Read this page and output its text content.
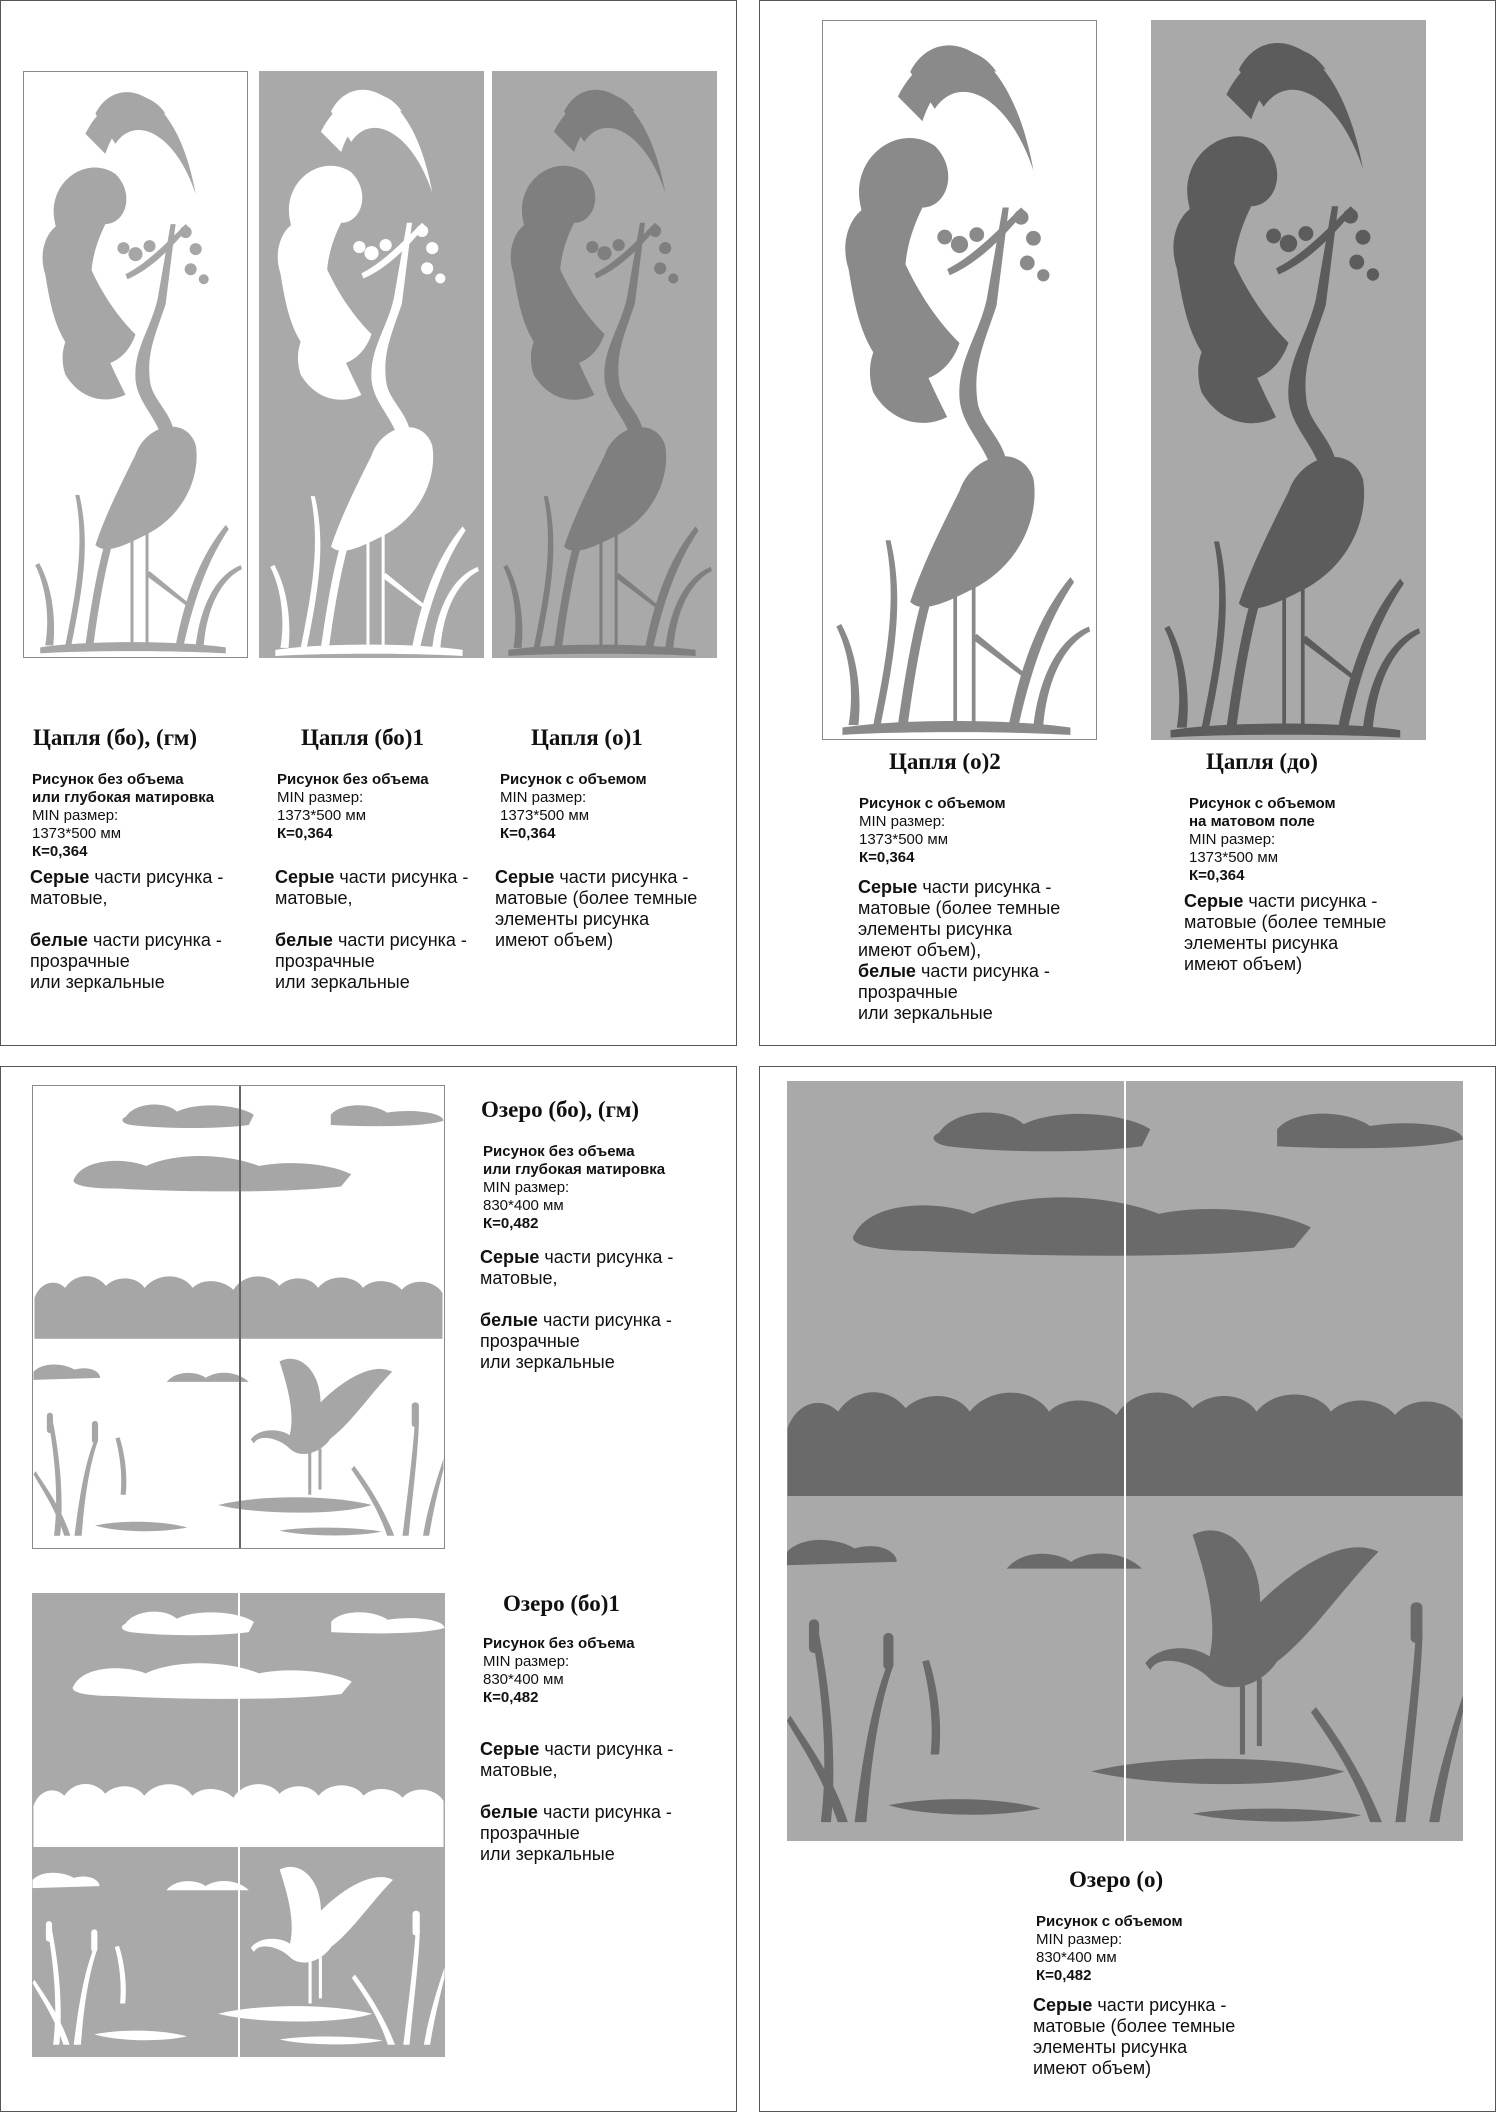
Цапля (бо), (гм)	Цапля (бо)1	Цапля (о)1
Рисунок без объема
или глубокая матировка
MIN размер:
1373*500 мм
К=0,364
Рисунок без объема
MIN размер:
1373*500 мм
К=0,364
Рисунок с объемом
MIN размер:
1373*500 мм
К=0,364
Серые части рисунка -
матовые,
белые части рисунка -
прозрачные
или зеркальные
Серые части рисунка -
матовые,
белые части рисунка -
прозрачные
или зеркальные
Серые части рисунка -
матовые (более темные
элементы рисунка
имеют объем)
Цапля (о)2	Цапля (до)
Рисунок с объемом
MIN размер:
1373*500 мм
К=0,364
Рисунок с объемом
на матовом поле
MIN размер:
1373*500 мм
К=0,364
Серые части рисунка -
матовые (более темные
элементы рисунка
имеют объем),
белые части рисунка -
прозрачные
или зеркальные
Серые части рисунка -
матовые (более темные
элементы рисунка
имеют объем)
Озеро (бо), (гм)
Рисунок без объема
или глубокая матировка
MIN размер:
830*400 мм
К=0,482
Серые части рисунка -
матовые,
белые части рисунка -
прозрачные
или зеркальные
Озеро (бо)1
Рисунок без объема
MIN размер:
830*400 мм
К=0,482
Серые части рисунка -
матовые,
белые части рисунка -
прозрачные
или зеркальные
Озеро (о)
Рисунок с объемом
MIN размер:
830*400 мм
К=0,482
Серые части рисунка -
матовые (более темные
элементы рисунка
имеют объем)
